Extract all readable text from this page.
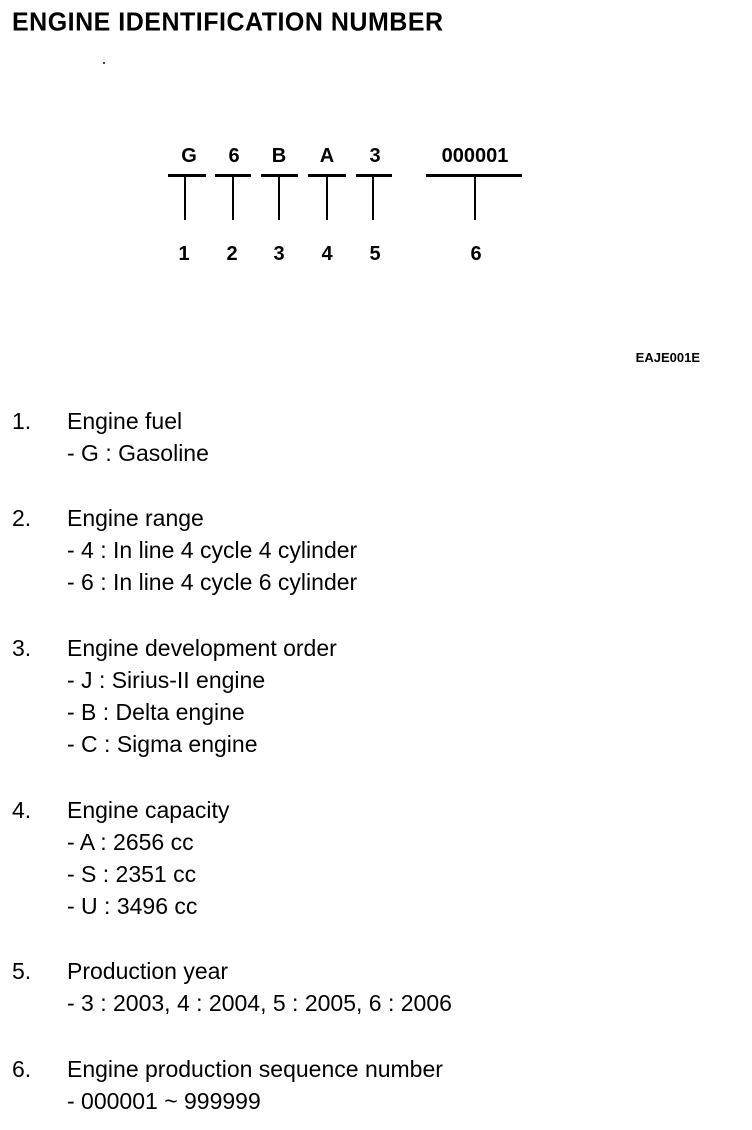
ENGINE IDENTIFICATION NUMBER
G	6	B	A	3	000001
1	2	3	4	5	6
EAJE001E
1. Engine fuel
- G : Gasoline
2. Engine range
- 4 : In line 4 cycle 4 cylinder
- 6 : In line 4 cycle 6 cylinder
3. Engine development order
- J : Sirius-II engine
- B : Delta engine
- C : Sigma engine
4. Engine capacity
- A : 2656 cc
- S : 2351 cc
- U : 3496 cc
5. Production year
- 3 : 2003, 4 : 2004, 5 : 2005, 6 : 2006
6. Engine production sequence number
- 000001 ~ 999999
